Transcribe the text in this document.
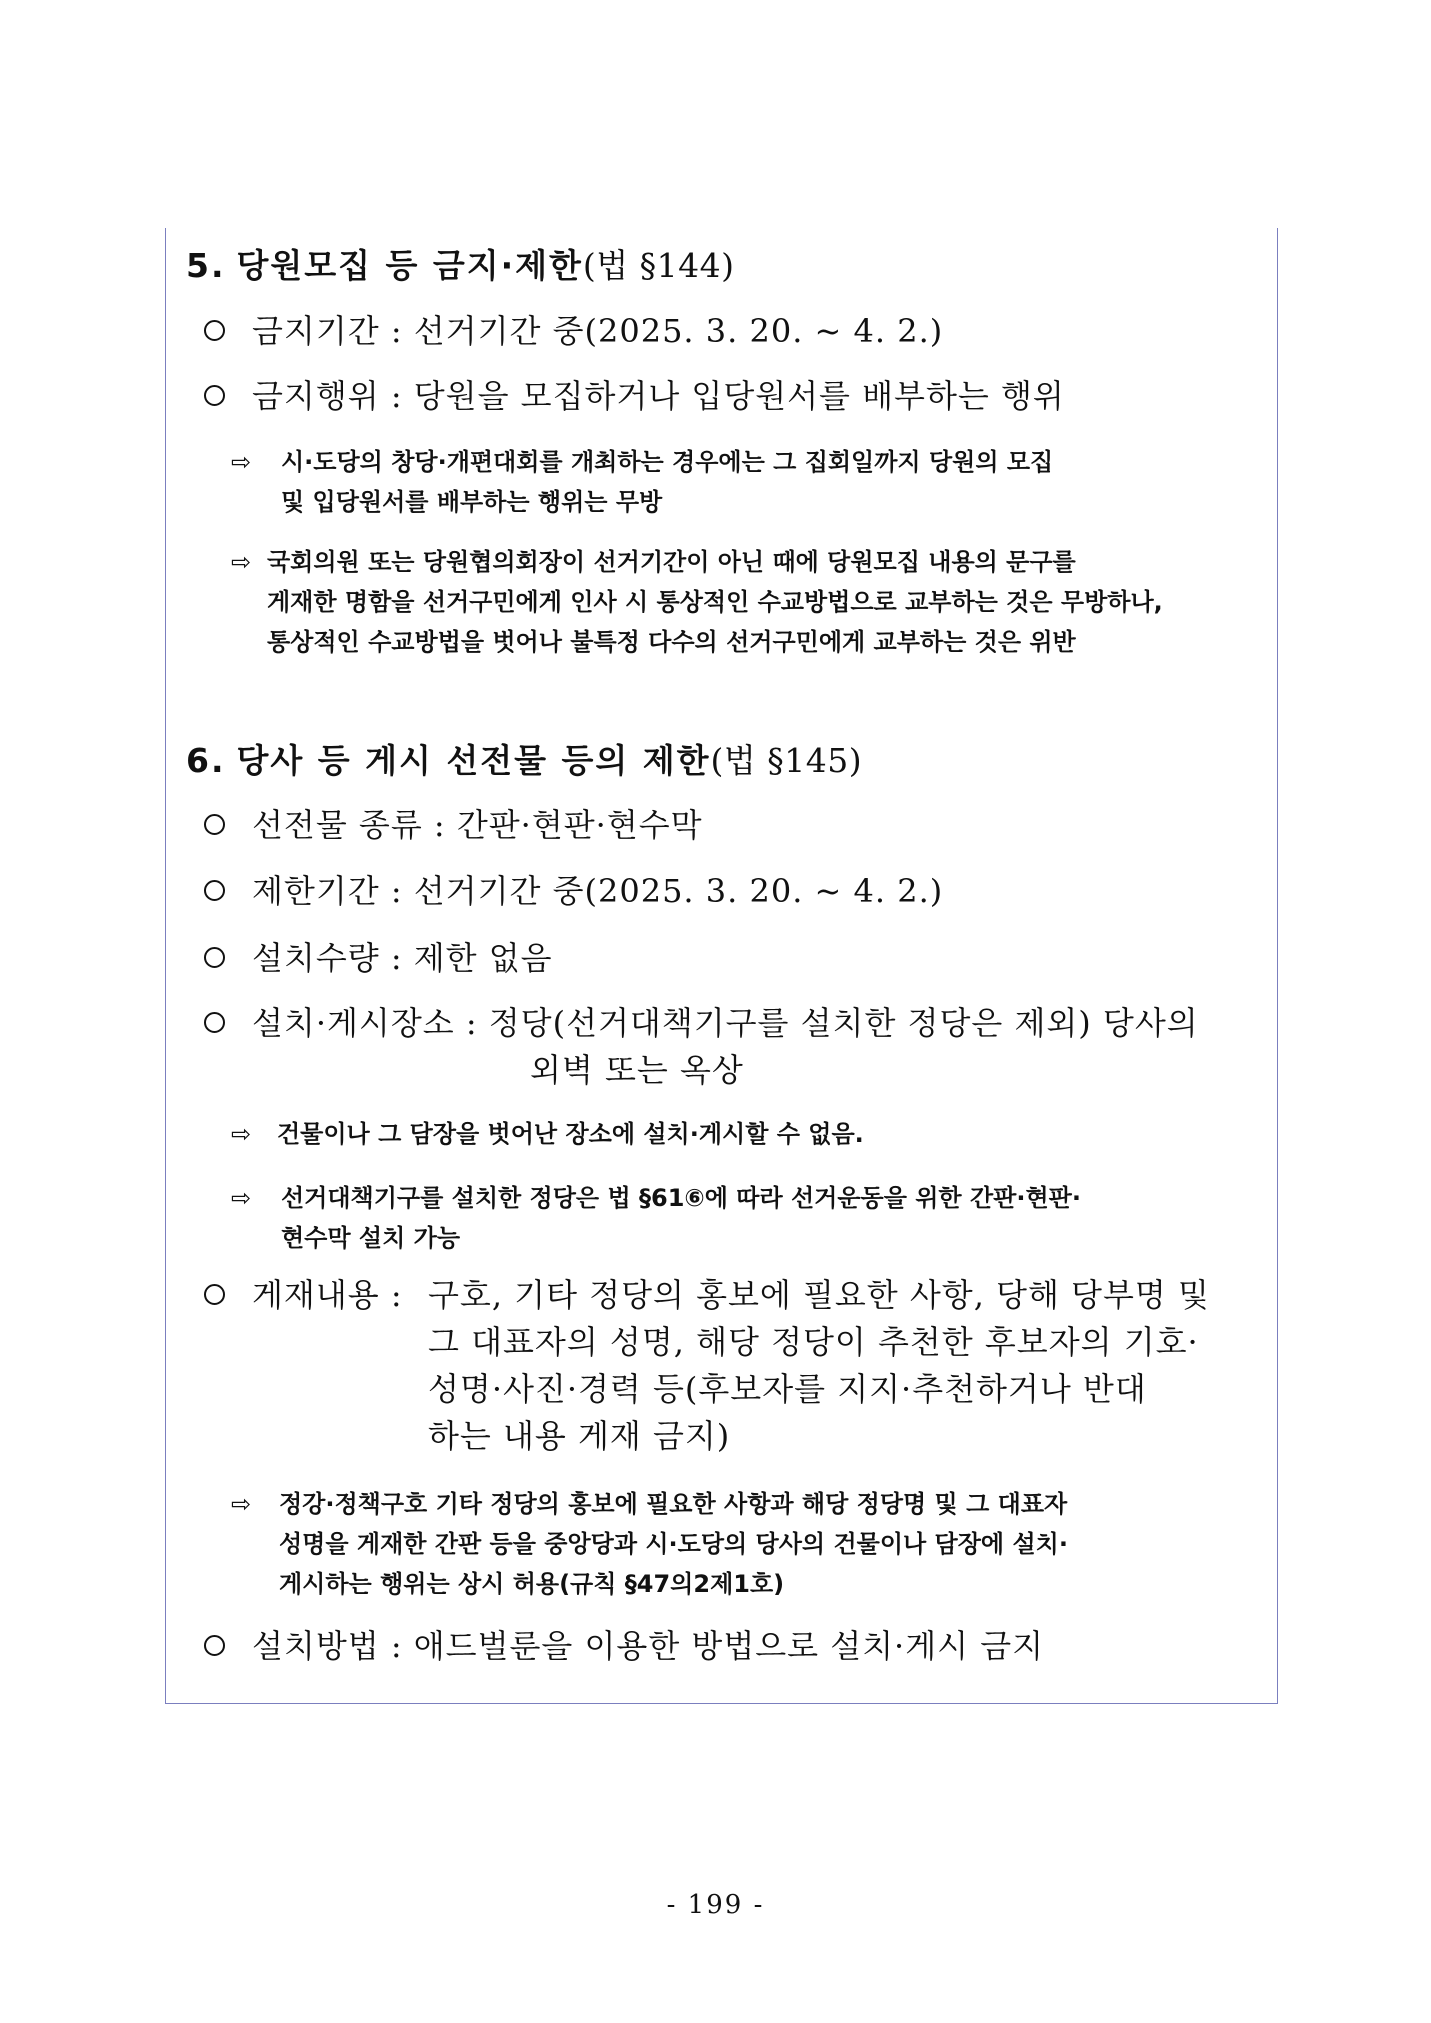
5. 당원모집 등 금지·제한(법 §144)
금지기간 : 선거기간 중(2025. 3. 20. ~ 4. 2.)
금지행위 : 당원을 모집하거나 입당원서를 배부하는 행위
⇨ 시·도당의 창당·개편대회를 개최하는 경우에는 그 집회일까지 당원의 모집
및 입당원서를 배부하는 행위는 무방
⇨ 국회의원 또는 당원협의회장이 선거기간이 아닌 때에 당원모집 내용의 문구를
게재한 명함을 선거구민에게 인사 시 통상적인 수교방법으로 교부하는 것은 무방하나,
통상적인 수교방법을 벗어나 불특정 다수의 선거구민에게 교부하는 것은 위반
6. 당사 등 게시 선전물 등의 제한(법 §145)
선전물 종류 : 간판·현판·현수막
제한기간 : 선거기간 중(2025. 3. 20. ~ 4. 2.)
설치수량 : 제한 없음
설치·게시장소 : 정당(선거대책기구를 설치한 정당은 제외) 당사의
외벽 또는 옥상
⇨ 건물이나 그 담장을 벗어난 장소에 설치·게시할 수 없음.
⇨ 선거대책기구를 설치한 정당은 법 §61⑥에 따라 선거운동을 위한 간판·현판·
현수막 설치 가능
게재내용 : 구호, 기타 정당의 홍보에 필요한 사항, 당해 당부명 및
그 대표자의 성명, 해당 정당이 추천한 후보자의 기호·
성명·사진·경력 등(후보자를 지지·추천하거나 반대
하는 내용 게재 금지)
⇨ 정강·정책구호 기타 정당의 홍보에 필요한 사항과 해당 정당명 및 그 대표자
성명을 게재한 간판 등을 중앙당과 시·도당의 당사의 건물이나 담장에 설치·
게시하는 행위는 상시 허용(규칙 §47의2제1호)
설치방법 : 애드벌룬을 이용한 방법으로 설치·게시 금지
- 199 -
